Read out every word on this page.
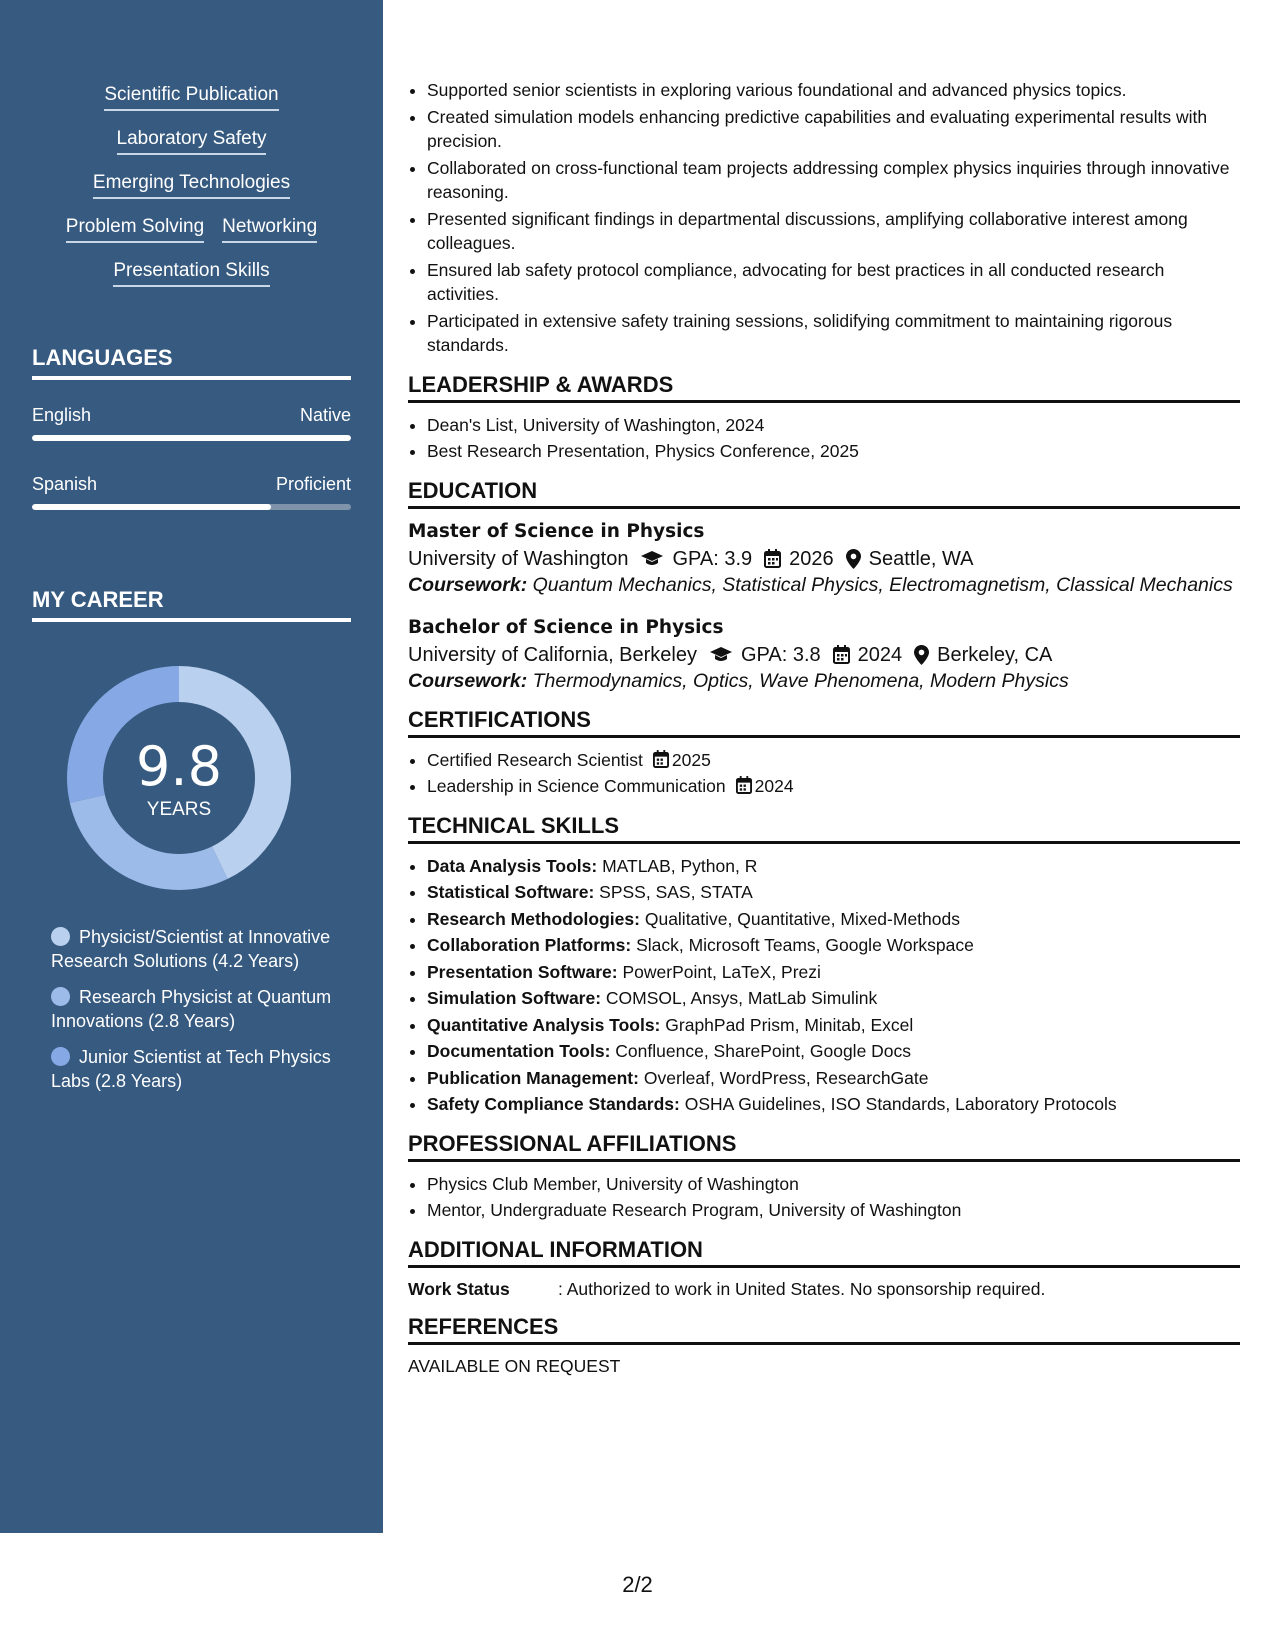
Scientific Publication
Laboratory Safety
Emerging Technologies
Problem Solving Networking
Presentation Skills
LANGUAGES
English	Native
Spanish	Proficient
MY CAREER
9.8
YEARS
Physicist/Scientist at Innovative Research Solutions (4.2 Years)
Research Physicist at Quantum Innovations (2.8 Years)
Junior Scientist at Tech Physics Labs (2.8 Years)
• Supported senior scientists in exploring various foundational and advanced physics topics.
• Created simulation models enhancing predictive capabilities and evaluating experimental results with precision.
• Collaborated on cross-functional team projects addressing complex physics inquiries through innovative reasoning.
• Presented significant findings in departmental discussions, amplifying collaborative interest among colleagues.
• Ensured lab safety protocol compliance, advocating for best practices in all conducted research activities.
• Participated in extensive safety training sessions, solidifying commitment to maintaining rigorous standards.
LEADERSHIP & AWARDS
• Dean's List, University of Washington, 2024
• Best Research Presentation, Physics Conference, 2025
EDUCATION
Master of Science in Physics
University of Washington GPA: 3.9 2026 Seattle, WA
Coursework: Quantum Mechanics, Statistical Physics, Electromagnetism, Classical Mechanics
Bachelor of Science in Physics
University of California, Berkeley GPA: 3.8 2024 Berkeley, CA
Coursework: Thermodynamics, Optics, Wave Phenomena, Modern Physics
CERTIFICATIONS
• Certified Research Scientist 2025
• Leadership in Science Communication 2024
TECHNICAL SKILLS
• Data Analysis Tools: MATLAB, Python, R
• Statistical Software: SPSS, SAS, STATA
• Research Methodologies: Qualitative, Quantitative, Mixed-Methods
• Collaboration Platforms: Slack, Microsoft Teams, Google Workspace
• Presentation Software: PowerPoint, LaTeX, Prezi
• Simulation Software: COMSOL, Ansys, MatLab Simulink
• Quantitative Analysis Tools: GraphPad Prism, Minitab, Excel
• Documentation Tools: Confluence, SharePoint, Google Docs
• Publication Management: Overleaf, WordPress, ResearchGate
• Safety Compliance Standards: OSHA Guidelines, ISO Standards, Laboratory Protocols
PROFESSIONAL AFFILIATIONS
• Physics Club Member, University of Washington
• Mentor, Undergraduate Research Program, University of Washington
ADDITIONAL INFORMATION
Work Status	: Authorized to work in United States. No sponsorship required.
REFERENCES
AVAILABLE ON REQUEST
2/2
